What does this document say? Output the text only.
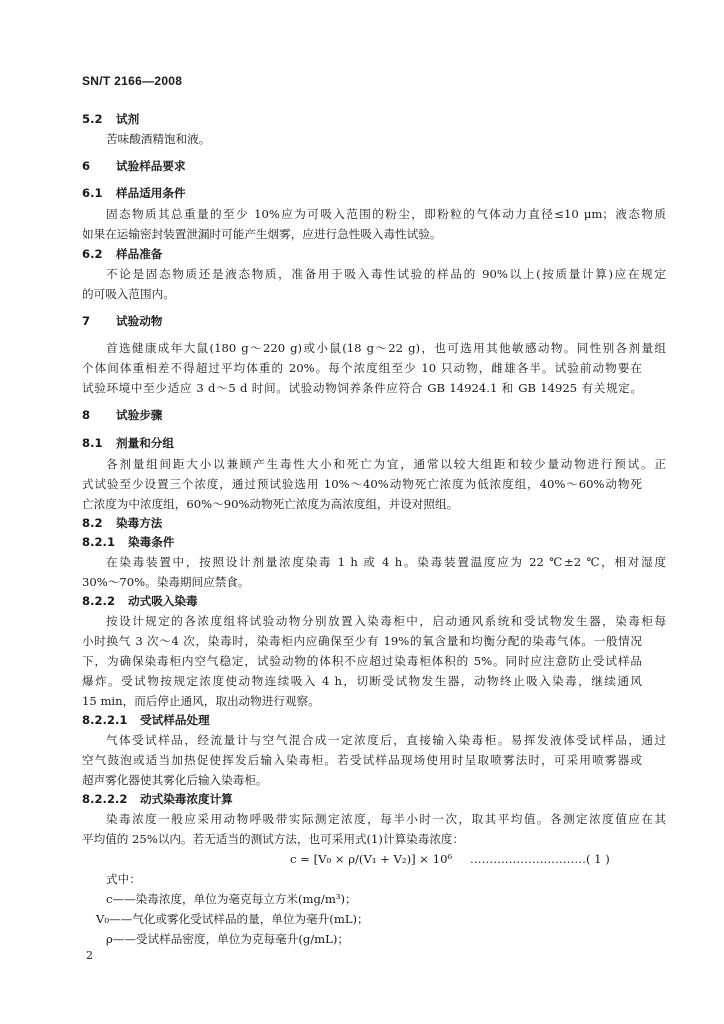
SN/T 2166—2008
5.2 试剂
苦味酸酒精饱和液。
6 试验样品要求
6.1 样品适用条件
固态物质其总重量的至少 10%应为可吸入范围的粉尘，即粉粒的气体动力直径≤10 μm；液态物质
如果在运输密封装置泄漏时可能产生烟雾，应进行急性吸入毒性试验。
6.2 样品准备
不论是固态物质还是液态物质，准备用于吸入毒性试验的样品的 90%以上(按质量计算)应在规定
的可吸入范围内。
7 试验动物
首选健康成年大鼠(180 g～220 g)或小鼠(18 g～22 g)，也可选用其他敏感动物。同性别各剂量组
个体间体重相差不得超过平均体重的 20%。每个浓度组至少 10 只动物，雌雄各半。试验前动物要在
试验环境中至少适应 3 d～5 d 时间。试验动物饲养条件应符合 GB 14924.1 和 GB 14925 有关规定。
8 试验步骤
8.1 剂量和分组
各剂量组间距大小以兼顾产生毒性大小和死亡为宜，通常以较大组距和较少量动物进行预试。正
式试验至少设置三个浓度，通过预试验选用 10%～40%动物死亡浓度为低浓度组，40%～60%动物死
亡浓度为中浓度组，60%～90%动物死亡浓度为高浓度组，并设对照组。
8.2 染毒方法
8.2.1 染毒条件
在染毒装置中，按照设计剂量浓度染毒 1 h 或 4 h。染毒装置温度应为 22 ℃±2 ℃，相对湿度
30%～70%。染毒期间应禁食。
8.2.2 动式吸入染毒
按设计规定的各浓度组将试验动物分别放置入染毒柜中，启动通风系统和受试物发生器，染毒柜每
小时换气 3 次～4 次，染毒时，染毒柜内应确保至少有 19%的氧含量和均衡分配的染毒气体。一般情况
下，为确保染毒柜内空气稳定，试验动物的体积不应超过染毒柜体积的 5%。同时应注意防止受试样品
爆炸。受试物按规定浓度使动物连续吸入 4 h，切断受试物发生器，动物终止吸入染毒，继续通风
15 min，而后停止通风，取出动物进行观察。
8.2.2.1 受试样品处理
气体受试样品，经流量计与空气混合成一定浓度后，直接输入染毒柜。易挥发液体受试样品，通过
空气鼓泡或适当加热促使挥发后输入染毒柜。若受试样品现场使用时呈取喷雾法时，可采用喷雾器或
超声雾化器使其雾化后输入染毒柜。
8.2.2.2 动式染毒浓度计算
染毒浓度一般应采用动物呼吸带实际测定浓度，每半小时一次，取其平均值。各测定浓度值应在其
平均值的 25%以内。若无适当的测试方法，也可采用式(1)计算染毒浓度：
c = [V₀ × ρ/(V₁ + V₂)] × 10⁶ …………………………( 1 )
式中：
c——染毒浓度，单位为毫克每立方米(mg/m³)；
V₀——气化或雾化受试样品的量，单位为毫升(mL)；
ρ——受试样品密度，单位为克每毫升(g/mL)；
2
